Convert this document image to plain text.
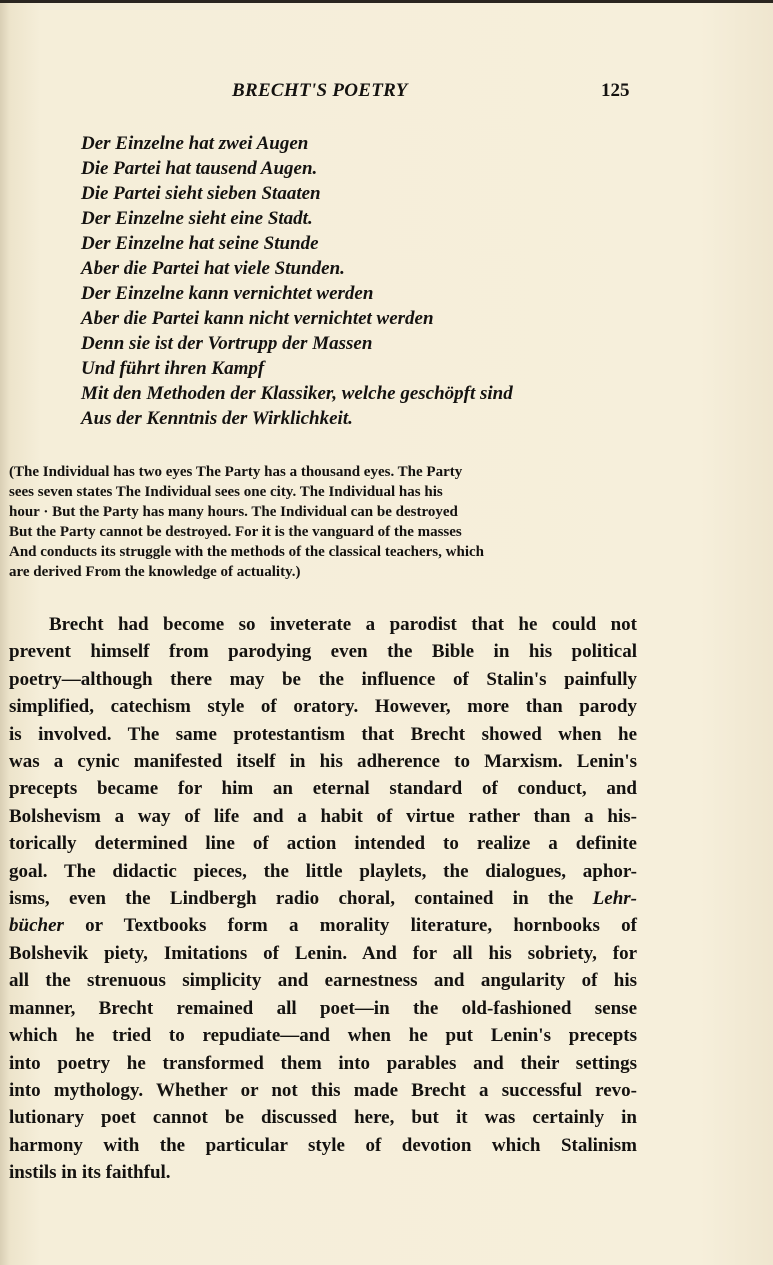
BRECHT'S POETRY	125
Der Einzelne hat zwei Augen
Die Partei hat tausend Augen.
Die Partei sieht sieben Staaten
Der Einzelne sieht eine Stadt.
Der Einzelne hat seine Stunde
Aber die Partei hat viele Stunden.
Der Einzelne kann vernichtet werden
Aber die Partei kann nicht vernichtet werden
Denn sie ist der Vortrupp der Massen
Und führt ihren Kampf
Mit den Methoden der Klassiker, welche geschöpft sind
Aus der Kenntnis der Wirklichkeit.
(The Individual has two eyes The Party has a thousand eyes. The Party
sees seven states The Individual sees one city. The Individual has his
hour · But the Party has many hours. The Individual can be destroyed
But the Party cannot be destroyed. For it is the vanguard of the masses
And conducts its struggle with the methods of the classical teachers, which
are derived From the knowledge of actuality.)
Brecht had become so inveterate a parodist that he could not
prevent himself from parodying even the Bible in his political
poetry—although there may be the influence of Stalin's painfully
simplified, catechism style of oratory. However, more than parody
is involved. The same protestantism that Brecht showed when he
was a cynic manifested itself in his adherence to Marxism. Lenin's
precepts became for him an eternal standard of conduct, and
Bolshevism a way of life and a habit of virtue rather than a his-
torically determined line of action intended to realize a definite
goal. The didactic pieces, the little playlets, the dialogues, aphor-
isms, even the Lindbergh radio choral, contained in the Lehr-
bücher or Textbooks form a morality literature, hornbooks of
Bolshevik piety, Imitations of Lenin. And for all his sobriety, for
all the strenuous simplicity and earnestness and angularity of his
manner, Brecht remained all poet—in the old-fashioned sense
which he tried to repudiate—and when he put Lenin's precepts
into poetry he transformed them into parables and their settings
into mythology. Whether or not this made Brecht a successful revo-
lutionary poet cannot be discussed here, but it was certainly in
harmony with the particular style of devotion which Stalinism
instils in its faithful.
